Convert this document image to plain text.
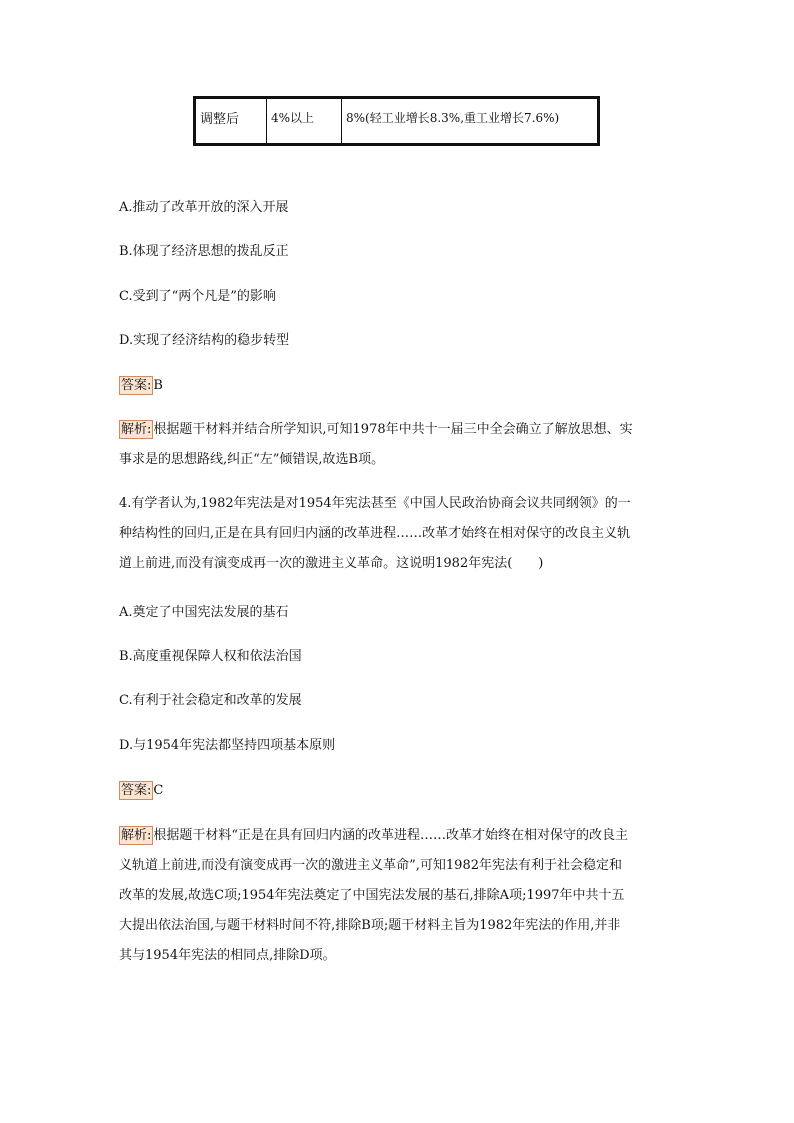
调整后	4%以上	8%(轻工业增长8.3%,重工业增长7.6%)
A.推动了改革开放的深入开展
B.体现了经济思想的拨乱反正
C.受到了“两个凡是”的影响
D.实现了经济结构的稳步转型
答案: B
解析: 根据题干材料并结合所学知识,可知1978年中共十一届三中全会确立了解放思想、实
事求是的思想路线,纠正“左”倾错误,故选B项。
4.有学者认为,1982年宪法是对1954年宪法甚至《中国人民政治协商会议共同纲领》的一
种结构性的回归,正是在具有回归内涵的改革进程……改革才始终在相对保守的改良主义轨
道上前进,而没有演变成再一次的激进主义革命。这说明1982年宪法(　　)
A.奠定了中国宪法发展的基石
B.高度重视保障人权和依法治国
C.有利于社会稳定和改革的发展
D.与1954年宪法都坚持四项基本原则
答案: C
解析: 根据题干材料“正是在具有回归内涵的改革进程……改革才始终在相对保守的改良主
义轨道上前进,而没有演变成再一次的激进主义革命”,可知1982年宪法有利于社会稳定和
改革的发展,故选C项;1954年宪法奠定了中国宪法发展的基石,排除A项;1997年中共十五
大提出依法治国,与题干材料时间不符,排除B项;题干材料主旨为1982年宪法的作用,并非
其与1954年宪法的相同点,排除D项。
